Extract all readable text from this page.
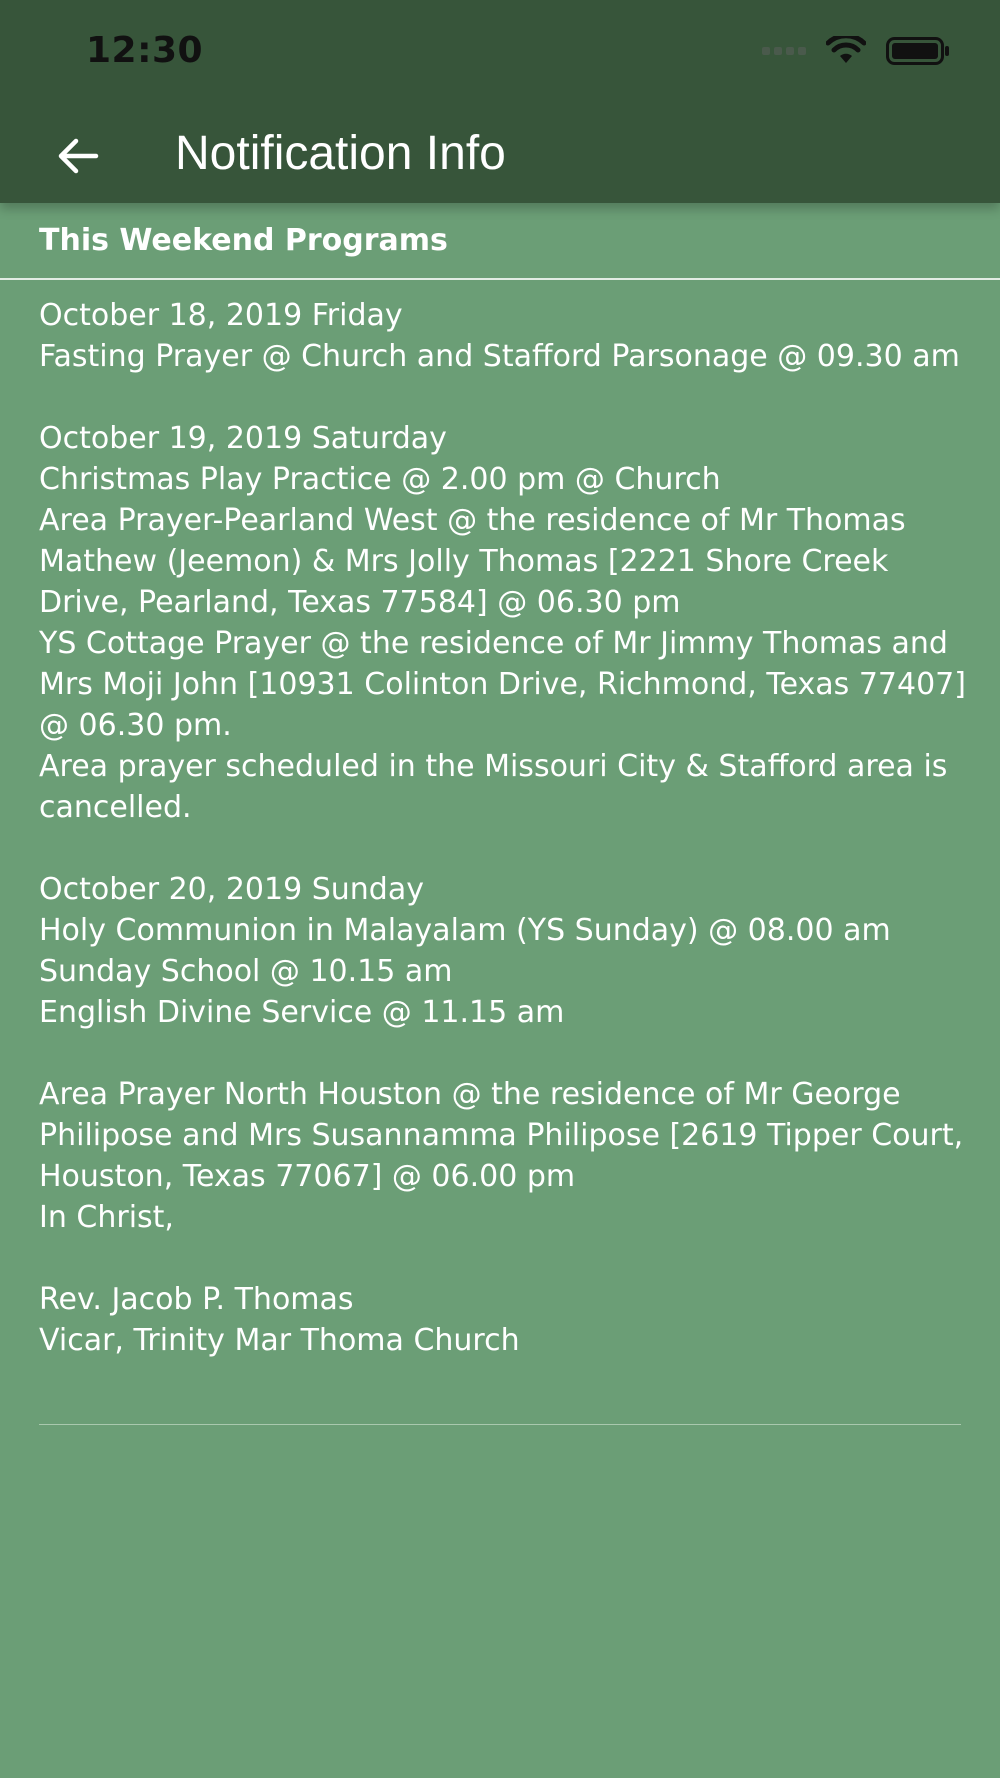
12:30
Notification Info
This Weekend Programs
October 18, 2019 Friday
Fasting Prayer @ Church and Stafford Parsonage @ 09.30 am

October 19, 2019 Saturday
Christmas Play Practice @ 2.00 pm @ Church
Area Prayer-Pearland West @ the residence of Mr Thomas Mathew (Jeemon) & Mrs Jolly Thomas [2221 Shore Creek Drive, Pearland, Texas 77584] @ 06.30 pm
YS Cottage Prayer @ the residence of Mr Jimmy Thomas and Mrs Moji John [10931 Colinton Drive, Richmond, Texas 77407] @ 06.30 pm.
Area prayer scheduled in the Missouri City & Stafford area is cancelled.

October 20, 2019 Sunday
Holy Communion in Malayalam (YS Sunday) @ 08.00 am
Sunday School @ 10.15 am
English Divine Service @ 11.15 am

Area Prayer North Houston @ the residence of Mr George Philipose and Mrs Susannamma Philipose [2619 Tipper Court, Houston, Texas 77067] @ 06.00 pm
In Christ,

Rev. Jacob P. Thomas
Vicar, Trinity Mar Thoma Church
